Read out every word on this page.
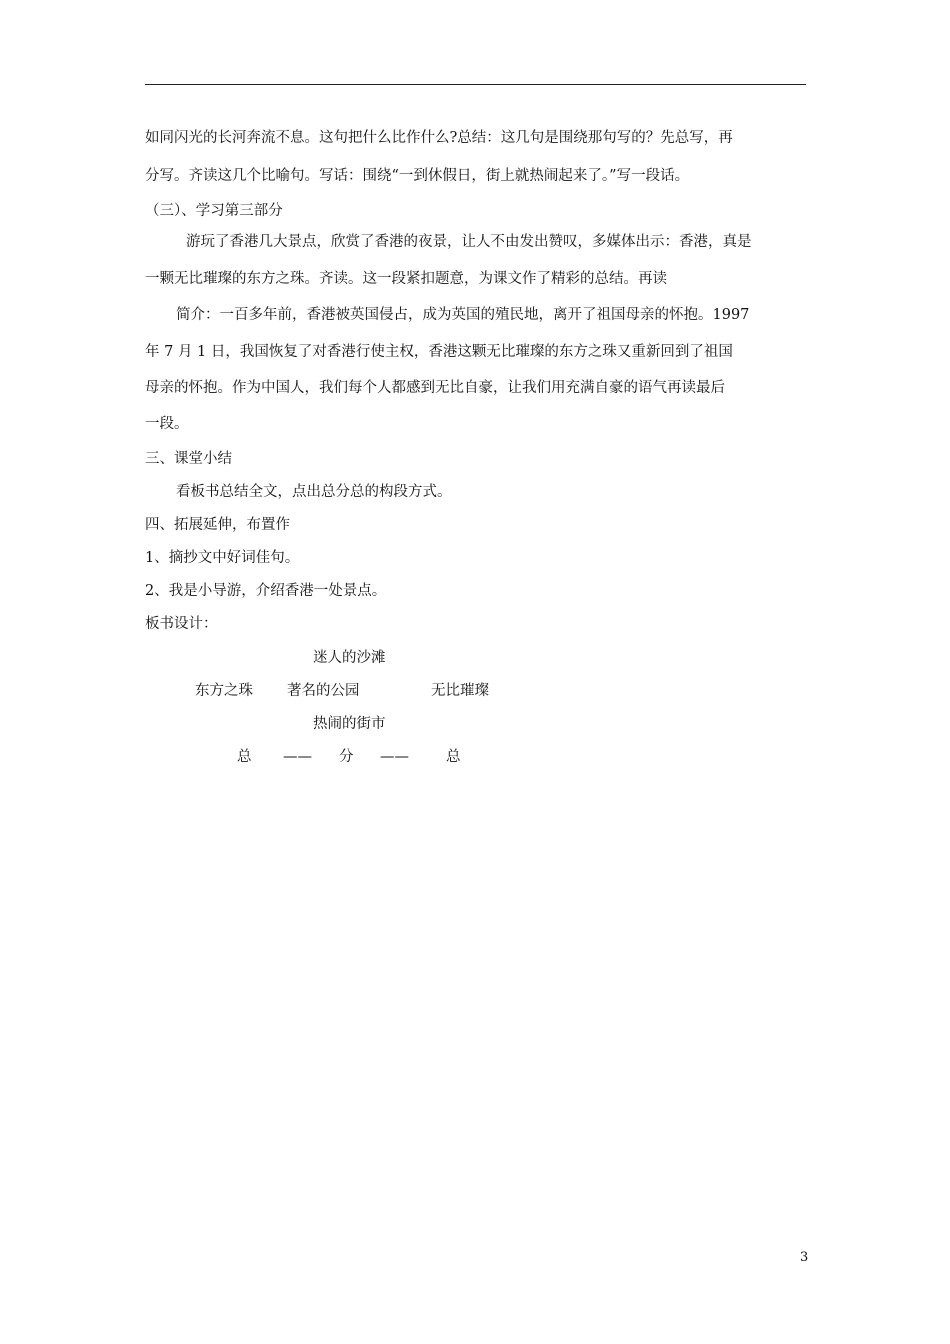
如同闪光的长河奔流不息。这句把什么比作什么?总结：这几句是围绕那句写的？先总写，再
分写。齐读这几个比喻句。写话：围绕“一到休假日，街上就热闹起来了。”写一段话。
（三）、学习第三部分
游玩了香港几大景点，欣赏了香港的夜景，让人不由发出赞叹，多媒体出示：香港，真是
一颗无比璀璨的东方之珠。齐读。这一段紧扣题意，为课文作了精彩的总结。再读
简介：一百多年前，香港被英国侵占，成为英国的殖民地，离开了祖国母亲的怀抱。1997
年 7 月 1 日，我国恢复了对香港行使主权，香港这颗无比璀璨的东方之珠又重新回到了祖国
母亲的怀抱。作为中国人，我们每个人都感到无比自豪，让我们用充满自豪的语气再读最后
一段。
三、课堂小结
看板书总结全文，点出总分总的构段方式。
四、拓展延伸，布置作
1、摘抄文中好词佳句。
2、我是小导游，介绍香港一处景点。
板书设计：
迷人的沙滩
东方之珠 著名的公园	无比璀璨
热闹的街市
总 —— 分 ——	总
3
